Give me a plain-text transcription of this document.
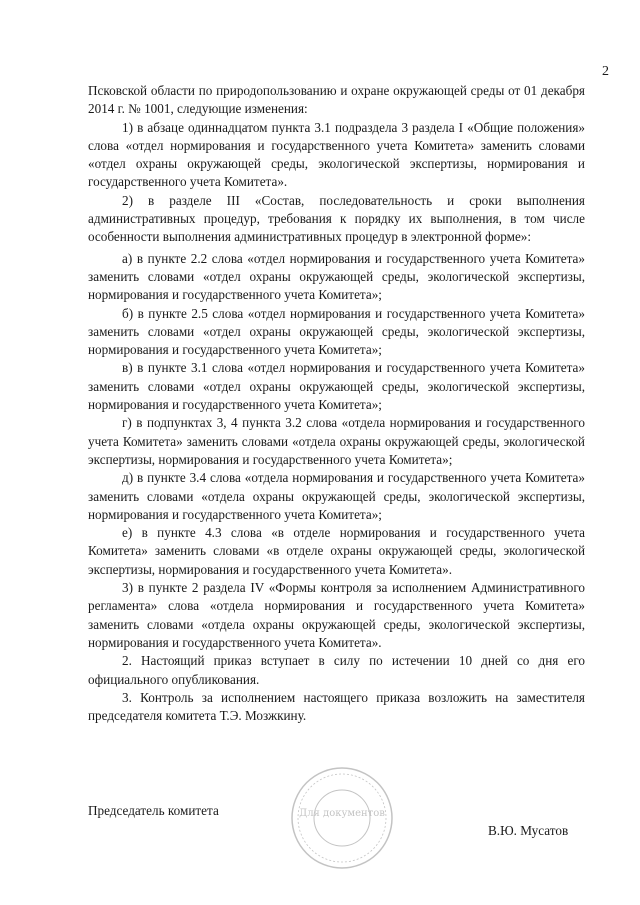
2

Псковской области по природопользованию и охране окружающей среды от 01 декабря 2014 г. № 1001, следующие изменения:

1) в абзаце одиннадцатом пункта 3.1 подраздела 3 раздела I «Общие положения» слова «отдел нормирования и государственного учета Комитета» заменить словами «отдел охраны окружающей среды, экологической экспертизы, нормирования и государственного учета Комитета».

2) в разделе III «Состав, последовательность и сроки выполнения административных процедур, требования к порядку их выполнения, в том числе особенности выполнения административных процедур в электронной форме»:

а) в пункте 2.2 слова «отдел нормирования и государственного учета Комитета» заменить словами «отдел охраны окружающей среды, экологической экспертизы, нормирования и государственного учета Комитета»;

б) в пункте 2.5 слова «отдел нормирования и государственного учета Комитета» заменить словами «отдел охраны окружающей среды, экологической экспертизы, нормирования и государственного учета Комитета»;

в) в пункте 3.1 слова «отдел нормирования и государственного учета Комитета» заменить словами «отдел охраны окружающей среды, экологической экспертизы, нормирования и государственного учета Комитета»;

г) в подпунктах 3, 4 пункта 3.2 слова «отдела нормирования и государственного учета Комитета» заменить словами «отдела охраны окружающей среды, экологической экспертизы, нормирования и государственного учета Комитета»;

д) в пункте 3.4 слова «отдела нормирования и государственного учета Комитета» заменить словами «отдела охраны окружающей среды, экологической экспертизы, нормирования и государственного учета Комитета»;

е) в пункте 4.3 слова «в отделе нормирования и государственного учета Комитета» заменить словами «в отделе охраны окружающей среды, экологической экспертизы, нормирования и государственного учета Комитета».

3) в пункте 2 раздела IV «Формы контроля за исполнением Административного регламента» слова «отдела нормирования и государственного учета Комитета» заменить словами «отдела охраны окружающей среды, экологической экспертизы, нормирования и государственного учета Комитета».

2. Настоящий приказ вступает в силу по истечении 10 дней со дня его официального опубликования.

3. Контроль за исполнением настоящего приказа возложить на заместителя председателя комитета Т.Э. Мозжкину.

Для документов
Председатель комитета
В.Ю. Мусатов
